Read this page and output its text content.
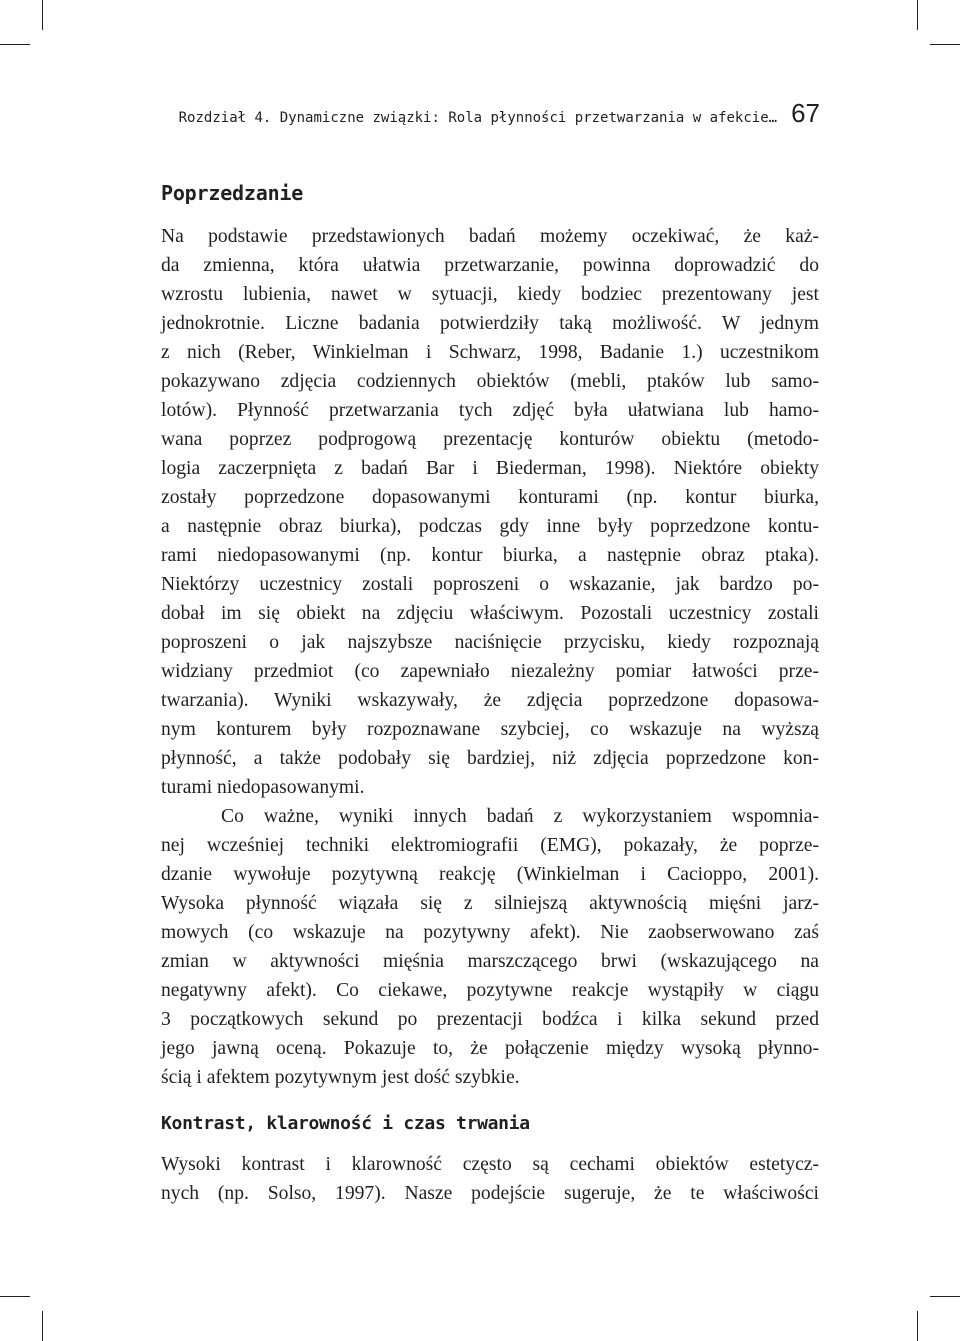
Rozdział 4. Dynamiczne związki: Rola płynności przetwarzania w afekcie… 67
Poprzedzanie
Na podstawie przedstawionych badań możemy oczekiwać, że każ-
da zmienna, która ułatwia przetwarzanie, powinna doprowadzić do
wzrostu lubienia, nawet w sytuacji, kiedy bodziec prezentowany jest
jednokrotnie. Liczne badania potwierdziły taką możliwość. W jednym
z nich (Reber, Winkielman i Schwarz, 1998, Badanie 1.) uczestnikom
pokazywano zdjęcia codziennych obiektów (mebli, ptaków lub samo-
lotów). Płynność przetwarzania tych zdjęć była ułatwiana lub hamo-
wana poprzez podprogową prezentację konturów obiektu (metodo-
logia zaczerpnięta z badań Bar i Biederman, 1998). Niektóre obiekty
zostały poprzedzone dopasowanymi konturami (np. kontur biurka,
a następnie obraz biurka), podczas gdy inne były poprzedzone kontu-
rami niedopasowanymi (np. kontur biurka, a następnie obraz ptaka).
Niektórzy uczestnicy zostali poproszeni o wskazanie, jak bardzo po-
dobał im się obiekt na zdjęciu właściwym. Pozostali uczestnicy zostali
poproszeni o jak najszybsze naciśnięcie przycisku, kiedy rozpoznają
widziany przedmiot (co zapewniało niezależny pomiar łatwości prze-
twarzania). Wyniki wskazywały, że zdjęcia poprzedzone dopasowa-
nym konturem były rozpoznawane szybciej, co wskazuje na wyższą
płynność, a także podobały się bardziej, niż zdjęcia poprzedzone kon-
turami niedopasowanymi.
Co ważne, wyniki innych badań z wykorzystaniem wspomnia-
nej wcześniej techniki elektromiografii (EMG), pokazały, że poprze-
dzanie wywołuje pozytywną reakcję (Winkielman i Cacioppo, 2001).
Wysoka płynność wiązała się z silniejszą aktywnością mięśni jarz-
mowych (co wskazuje na pozytywny afekt). Nie zaobserwowano zaś
zmian w aktywności mięśnia marszczącego brwi (wskazującego na
negatywny afekt). Co ciekawe, pozytywne reakcje wystąpiły w ciągu
3 początkowych sekund po prezentacji bodźca i kilka sekund przed
jego jawną oceną. Pokazuje to, że połączenie między wysoką płynno-
ścią i afektem pozytywnym jest dość szybkie.
Kontrast, klarowność i czas trwania
Wysoki kontrast i klarowność często są cechami obiektów estetycz-
nych (np. Solso, 1997). Nasze podejście sugeruje, że te właściwości
